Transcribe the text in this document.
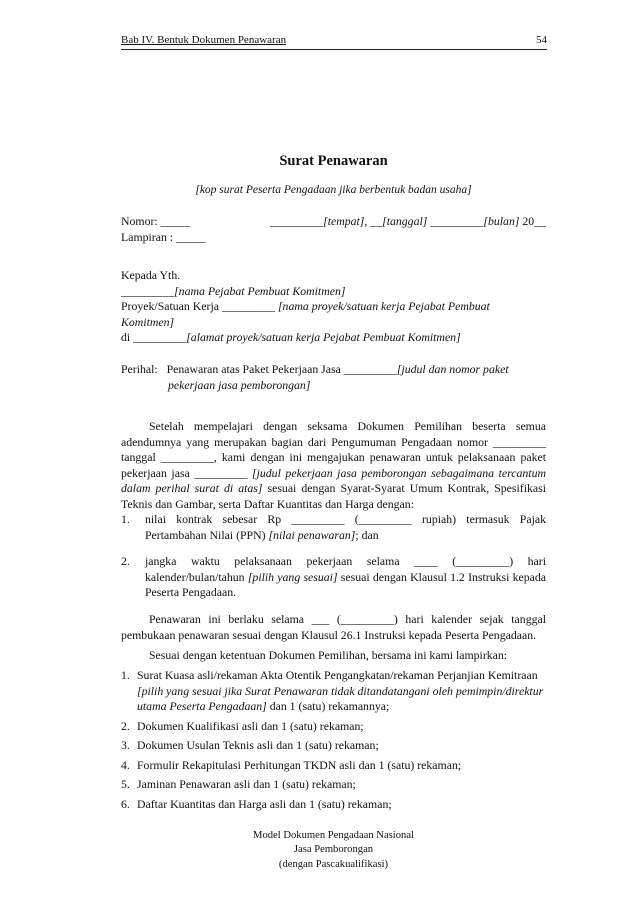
Bab IV. Bentuk Dokumen Penawaran	54
Surat Penawaran
[kop surat Peserta Pengadaan jika berbentuk badan usaha]
Nomor: _____	_________[tempat], __[tanggal] _________[bulan] 20__
Lampiran : _____
Kepada Yth.
_________[nama Pejabat Pembuat Komitmen]
Proyek/Satuan Kerja _________ [nama proyek/satuan kerja Pejabat Pembuat
Komitmen]
di _________[alamat proyek/satuan kerja Pejabat Pembuat Komitmen]
Perihal: Penawaran atas Paket Pekerjaan Jasa _________[judul dan nomor paket
pekerjaan jasa pemborongan]
Setelah mempelajari dengan seksama Dokumen Pemilihan beserta semua adendumnya yang merupakan bagian dari Pengumuman Pengadaan nomor _________ tanggal _________, kami dengan ini mengajukan penawaran untuk pelaksanaan paket pekerjaan jasa _________ [judul pekerjaan jasa pemborongan sebagaimana tercantum dalam perihal surat di atas] sesuai dengan Syarat-Syarat Umum Kontrak, Spesifikasi Teknis dan Gambar, serta Daftar Kuantitas dan Harga dengan:
1.	nilai kontrak sebesar Rp _________ (_________ rupiah) termasuk Pajak Pertambahan Nilai (PPN) [nilai penawaran]; dan
2.	jangka waktu pelaksanaan pekerjaan selama ____ (_________) hari kalender/bulan/tahun [pilih yang sesuai] sesuai dengan Klausul 1.2 Instruksi kepada Peserta Pengadaan.
Penawaran ini berlaku selama ___ (_________) hari kalender sejak tanggal pembukaan penawaran sesuai dengan Klausul 26.1 Instruksi kepada Peserta Pengadaan.
Sesuai dengan ketentuan Dokumen Pemilihan, bersama ini kami lampirkan:
1. Surat Kuasa asli/rekaman Akta Otentik Pengangkatan/rekaman Perjanjian Kemitraan [pilih yang sesuai jika Surat Penawaran tidak ditandatangani oleh pemimpin/direktur utama Peserta Pengadaan] dan 1 (satu) rekamannya;
2. Dokumen Kualifikasi asli dan 1 (satu) rekaman;
3. Dokumen Usulan Teknis asli dan 1 (satu) rekaman;
4. Formulir Rekapitulasi Perhitungan TKDN asli dan 1 (satu) rekaman;
5. Jaminan Penawaran asli dan 1 (satu) rekaman;
6. Daftar Kuantitas dan Harga asli dan 1 (satu) rekaman;
Model Dokumen Pengadaan Nasional
Jasa Pemborongan
(dengan Pascakualifikasi)
